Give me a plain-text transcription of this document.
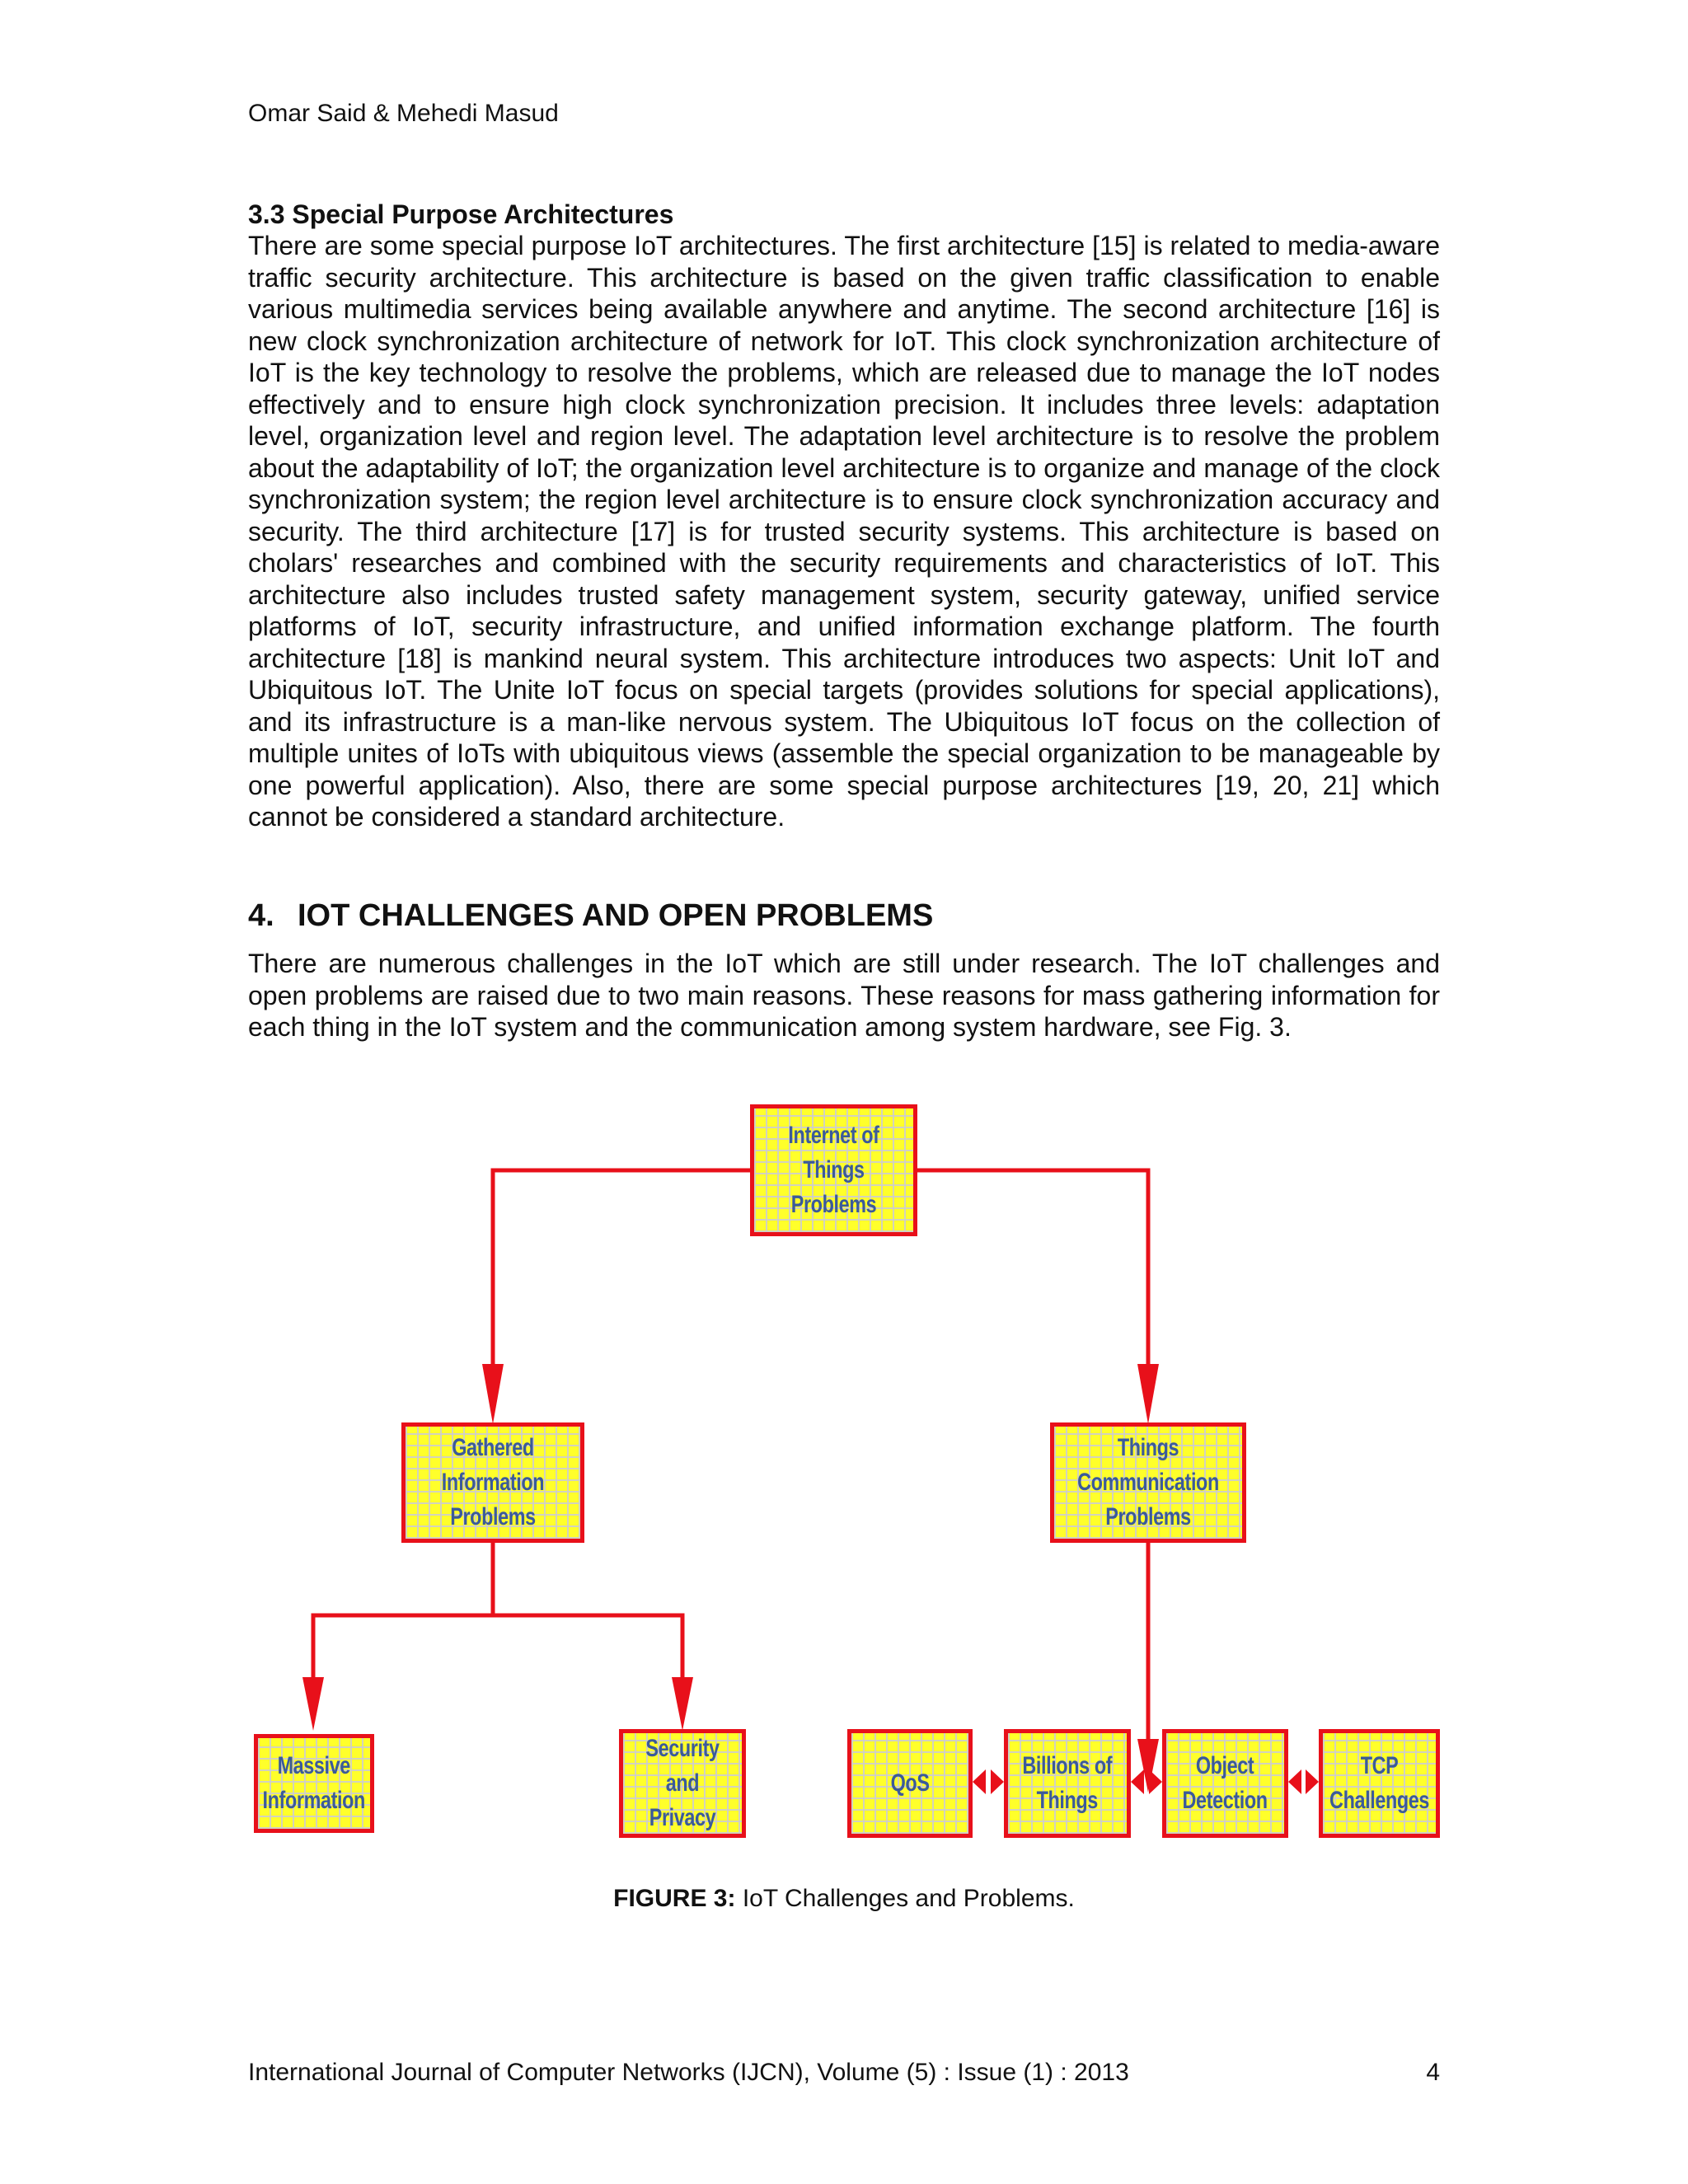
Omar Said & Mehedi Masud
3.3 Special Purpose Architectures

There are some special purpose IoT architectures. The first architecture [15] is related to media-aware traffic security architecture. This architecture is based on the given traffic classification to enable various multimedia services being available anywhere and anytime. The second architecture [16] is new clock synchronization architecture of network for IoT. This clock synchronization architecture of IoT is the key technology to resolve the problems, which are released due to manage the IoT nodes effectively and to ensure high clock synchronization precision. It includes three levels: adaptation level, organization level and region level. The adaptation level architecture is to resolve the problem about the adaptability of IoT; the organization level architecture is to organize and manage of the clock synchronization system; the region level architecture is to ensure clock synchronization accuracy and security. The third architecture [17] is for trusted security systems. This architecture is based on cholars' researches and combined with the security requirements and characteristics of IoT. This architecture also includes trusted safety management system, security gateway, unified service platforms of IoT, security infrastructure, and unified information exchange platform. The fourth architecture [18] is mankind neural system. This architecture introduces two aspects: Unit IoT and Ubiquitous IoT. The Unite IoT focus on special targets (provides solutions for special applications), and its infrastructure is a man-like nervous system. The Ubiquitous IoT focus on the collection of multiple unites of IoTs with ubiquitous views (assemble the special organization to be manageable by one powerful application). Also, there are some special purpose architectures [19, 20, 21] which cannot be considered a standard architecture.

4. IOT CHALLENGES AND OPEN PROBLEMS

There are numerous challenges in the IoT which are still under research. The IoT challenges and open problems are raised due to two main reasons. These reasons for mass gathering information for each thing in the IoT system and the communication among system hardware, see Fig. 3.

Internet of Things
Problems
Gathered Information
Problems
Things Communication
Problems
Massive
Information
Security and
Privacy
QoS
Billions of
Things
Object
Detection
TCP
Challenges
FIGURE 3: IoT Challenges and Problems.
International Journal of Computer Networks (IJCN), Volume (5) : Issue (1) : 2013	4
